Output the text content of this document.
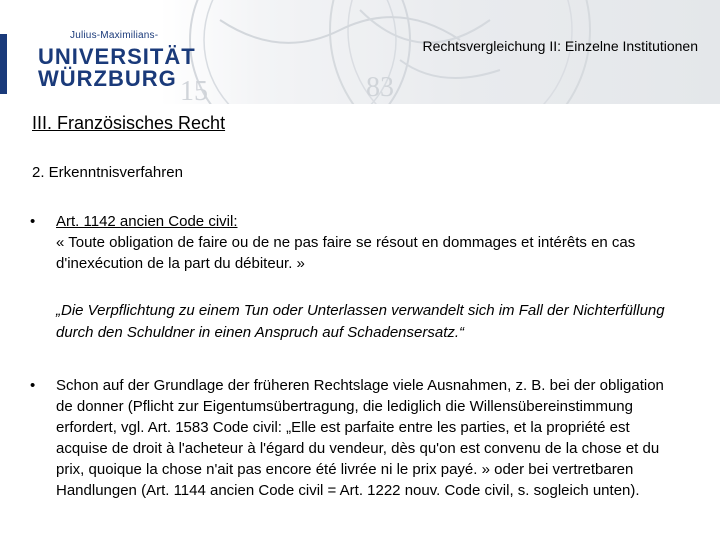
15	83
Julius-Maximilians-
UNIVERSITÄT
WÜRZBURG
Rechtsvergleichung II: Einzelne Institutionen
III. Französisches Recht
2. Erkenntnisverfahren
•	Art. 1142 ancien Code civil:
« Toute obligation de faire ou de ne pas faire se résout en dommages et intérêts en cas d'inexécution de la part du débiteur. »
„Die Verpflichtung zu einem Tun oder Unterlassen verwandelt sich im Fall der Nichterfüllung durch den Schuldner in einen Anspruch auf Schadensersatz.“
•	Schon auf der Grundlage der früheren Rechtslage viele Ausnahmen, z. B. bei der obligation de donner (Pflicht zur Eigentumsübertragung, die lediglich die Willensübereinstimmung erfordert, vgl. Art. 1583 Code civil: „Elle est parfaite entre les parties, et la propriété est acquise de droit à l'acheteur à l'égard du vendeur, dès qu'on est convenu de la chose et du prix, quoique la chose n'ait pas encore été livrée ni le prix payé. » oder bei vertretbaren Handlungen (Art. 1144 ancien Code civil = Art. 1222 nouv. Code civil, s. sogleich unten).
